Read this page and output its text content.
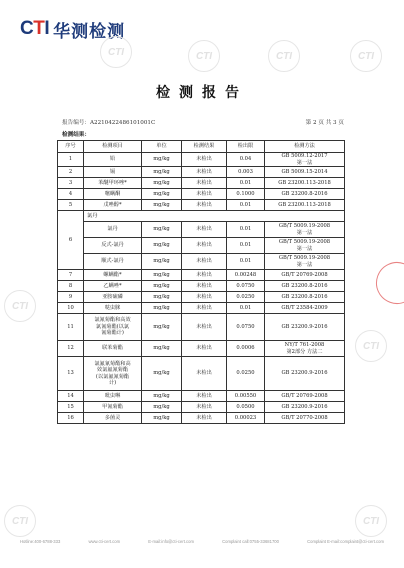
CTI 华测检测
CTI	CTI	CTI	CTI
CTI
CTI
CTI	CTI
检测报告
报告编号：A2210422486101001C	第 2 页 共 3 页
检测结果：
序号	检测项目	单位	检测结果	检出限	检测方法
1	铅	mg/kg	未检出	0.04	GB 5009.12-2017
第一法

2	镉	mg/kg	未检出	0.003	GB 5009.15-2014

3	苯醚甲环唑*	mg/kg	未检出	0.01	GB 23200.113-2018

4	噻螨酮	mg/kg	未检出	0.1000	GB 23200.8-2016

5	戊唑醇*	mg/kg	未检出	0.01	GB 23200.113-2018

6	氯丹				
	氯丹	mg/kg	未检出	0.01	GB/T 5009.19-2008
第一法

	反式-氯丹	mg/kg	未检出	0.01	GB/T 5009.19-2008
第一法

	顺式-氯丹	mg/kg	未检出	0.01	GB/T 5009.19-2008
第一法

7	螺螨酯*	mg/kg	未检出	0.00248	GB/T 20769-2008

8	乙螨唑*	mg/kg	未检出	0.0750	GB 23200.8-2016

9	亚胺硫磷	mg/kg	未检出	0.0250	GB 23200.8-2016

10	哒虫脒	mg/kg	未检出	0.01	GB/T 23584-2009

11	氯氰菊酯和高效
氯氰菊酯(以氯
氰菊酯计)	mg/kg	未检出	0.0750	GB 23200.9-2016

12	联苯菊酯	mg/kg	未检出	0.0006	NY/T 761-2008
第2部分 方法二

13	氯氟氰菊酯和高
效氯氟氰菊酯
(以氯氟氰菊酯
计)	mg/kg	未检出	0.0250	GB 23200.9-2016

14	吡虫啉	mg/kg	未检出	0.00550	GB/T 20769-2008

15	甲氰菊酯	mg/kg	未检出	0.0500	GB 23200.9-2016

16	多菌灵	mg/kg	未检出	0.00023	GB/T 20770-2008
Hotline:400-6788-333	www.cti-cert.com	E-mail:info@cti-cert.com	Complaint call:0755-33681700	Complaint E-mail:complaint@cti-cert.com
